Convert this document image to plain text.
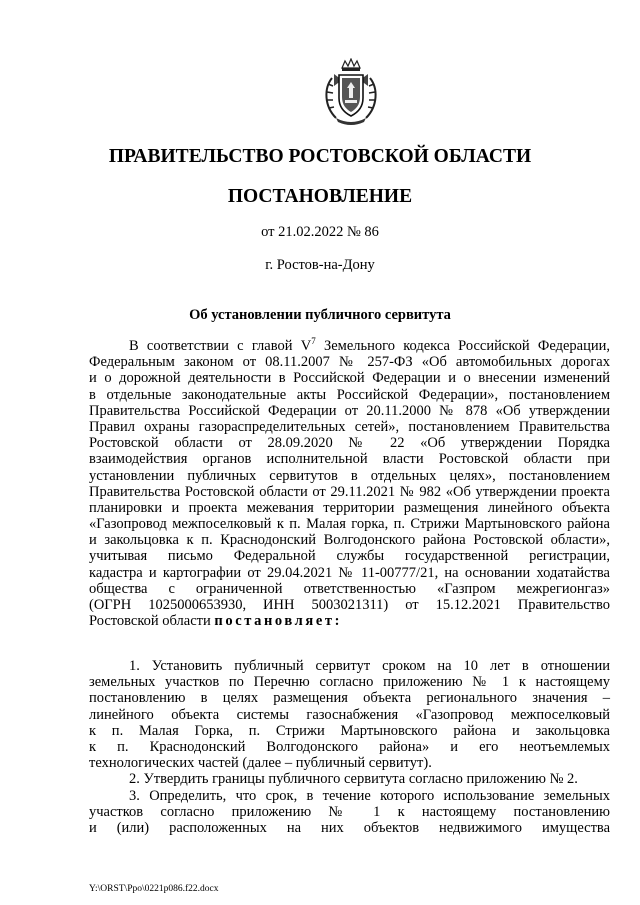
ПРАВИТЕЛЬСТВО РОСТОВСКОЙ ОБЛАСТИ
ПОСТАНОВЛЕНИЕ
от 21.02.2022 № 86
г. Ростов-на-Дону
Об установлении публичного сервитута
В соответствии с главой $V^7$ Земельного кодекса Российской Федерации,
Федеральным законом от 08.11.2007 № 257-ФЗ «Об автомобильных дорогах
и о дорожной деятельности в Российской Федерации и о внесении изменений
в отдельные законодательные акты Российской Федерации», постановлением
Правительства Российской Федерации от 20.11.2000 № 878 «Об утверждении
Правил охраны газораспределительных сетей», постановлением Правительства
Ростовской области от 28.09.2020 № 22 «Об утверждении Порядка
взаимодействия органов исполнительной власти Ростовской области при
установлении публичных сервитутов в отдельных целях», постановлением
Правительства Ростовской области от 29.11.2021 № 982 «Об утверждении проекта
планировки и проекта межевания территории размещения линейного объекта
«Газопровод межпоселковый к п. Малая горка, п. Стрижи Мартыновского района
и закольцовка к п. Краснодонский Волгодонского района Ростовской области»,
учитывая письмо Федеральной службы государственной регистрации,
кадастра и картографии от 29.04.2021 № 11-00777/21, на основании ходатайства
общества с ограниченной ответственностью «Газпром межрегионгаз»
(ОГРН 1025000653930, ИНН 5003021311) от 15.12.2021 Правительство
Ростовской области постановляет:
1. Установить публичный сервитут сроком на 10 лет в отношении
земельных участков по Перечню согласно приложению № 1 к настоящему
постановлению в целях размещения объекта регионального значения –
линейного объекта системы газоснабжения «Газопровод межпоселковый
к п. Малая Горка, п. Стрижи Мартыновского района и закольцовка
к п. Краснодонский Волгодонского района» и его неотъемлемых
технологических частей (далее – публичный сервитут).
2. Утвердить границы публичного сервитута согласно приложению № 2.
3. Определить, что срок, в течение которого использование земельных
участков согласно приложению № 1 к настоящему постановлению
и (или) расположенных на них объектов недвижимого имущества
Y:\ORST\Ppo\0221p086.f22.docx
